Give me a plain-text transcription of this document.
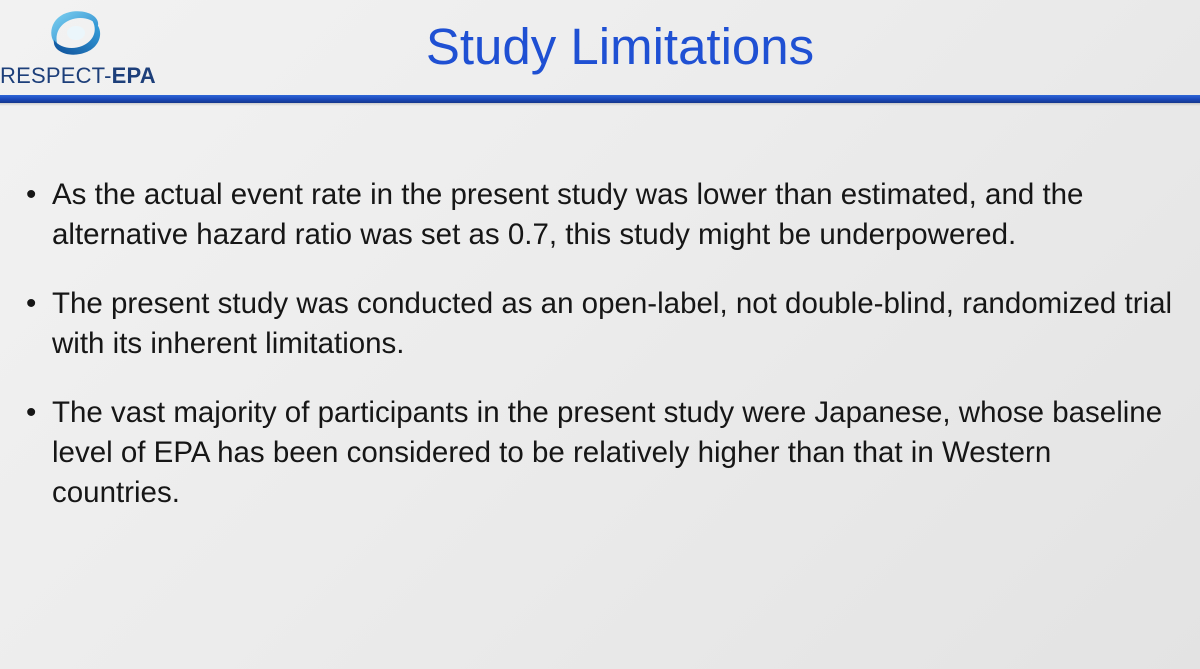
RESPECT-EPA
Study Limitations
• As the actual event rate in the present study was lower than estimated, and the alternative hazard ratio was set as 0.7, this study might be underpowered.
• The present study was conducted as an open-label, not double-blind, randomized trial with its inherent limitations.
• The vast majority of participants in the present study were Japanese, whose baseline level of EPA has been considered to be relatively higher than that in Western countries.
